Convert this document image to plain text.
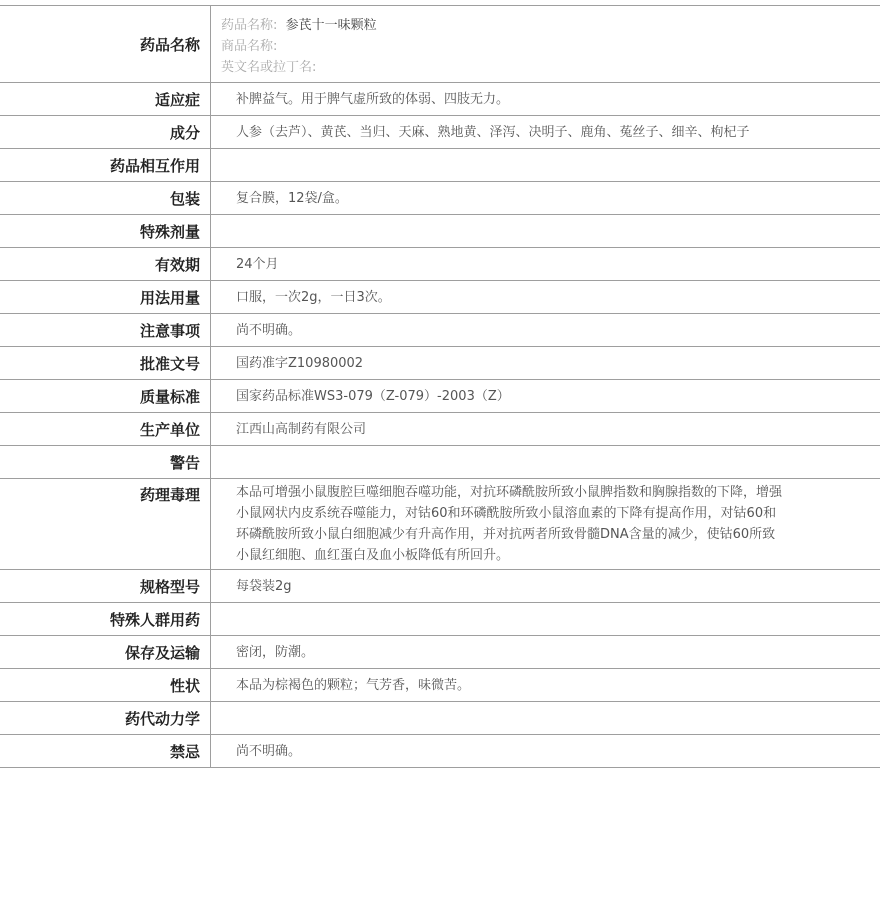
药品名称	药品名称: 参芪十一味颗粒
商品名称:
英文名或拉丁名:

适应症	补脾益气。用于脾气虚所致的体弱、四肢无力。
成分	人参（去芦）、黄芪、当归、天麻、熟地黄、泽泻、决明子、鹿角、菟丝子、细辛、枸杞子
药品相互作用	
包装	复合膜，12袋/盒。
特殊剂量	
有效期	24个月
用法用量	口服，一次2g，一日3次。
注意事项	尚不明确。
批准文号	国药准字Z10980002
质量标准	国家药品标准WS3-079（Z-079）-2003（Z）
生产单位	江西山高制药有限公司
警告	
药理毒理	本品可增强小鼠腹腔巨噬细胞吞噬功能，对抗环磷酰胺所致小鼠脾指数和胸腺指数的下降，增强小鼠网状内皮系统吞噬能力，对钴60和环磷酰胺所致小鼠溶血素的下降有提高作用，对钴60和环磷酰胺所致小鼠白细胞减少有升高作用，并对抗两者所致骨髓DNA含量的减少，使钴60所致小鼠红细胞、血红蛋白及血小板降低有所回升。
规格型号	每袋装2g
特殊人群用药	
保存及运输	密闭，防潮。
性状	本品为棕褐色的颗粒；气芳香，味微苦。
药代动力学	
禁忌	尚不明确。
